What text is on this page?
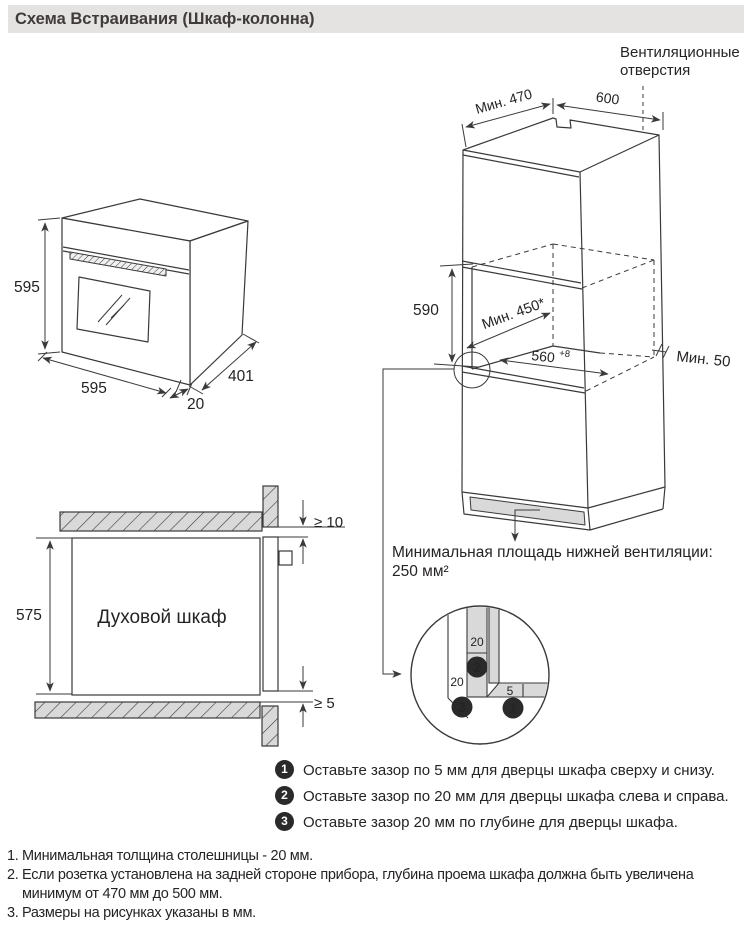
Схема Встраивания (Шкаф-колонна)
595
595
401
20
Мин. 470	600
590	Мин. 450*
560 +8	Мин. 50
Духовой шкаф
575
≥ 10
≥ 5
20
20
5
2
3	1
Вентиляционные
отверстия
Минимальная площадь нижней вентиляции:
250 мм²
1	Оставьте зазор по 5 мм для дверцы шкафа сверху и снизу.
2	Оставьте зазор по 20 мм для дверцы шкафа слева и справа.
3	Оставьте зазор 20 мм по глубине для дверцы шкафа.
1. Минимальная толщина столешницы - 20 мм.
2. Если розетка установлена на задней стороне прибора, глубина проема шкафа должна быть увеличена минимум от 470 мм до 500 мм.
3. Размеры на рисунках указаны в мм.
